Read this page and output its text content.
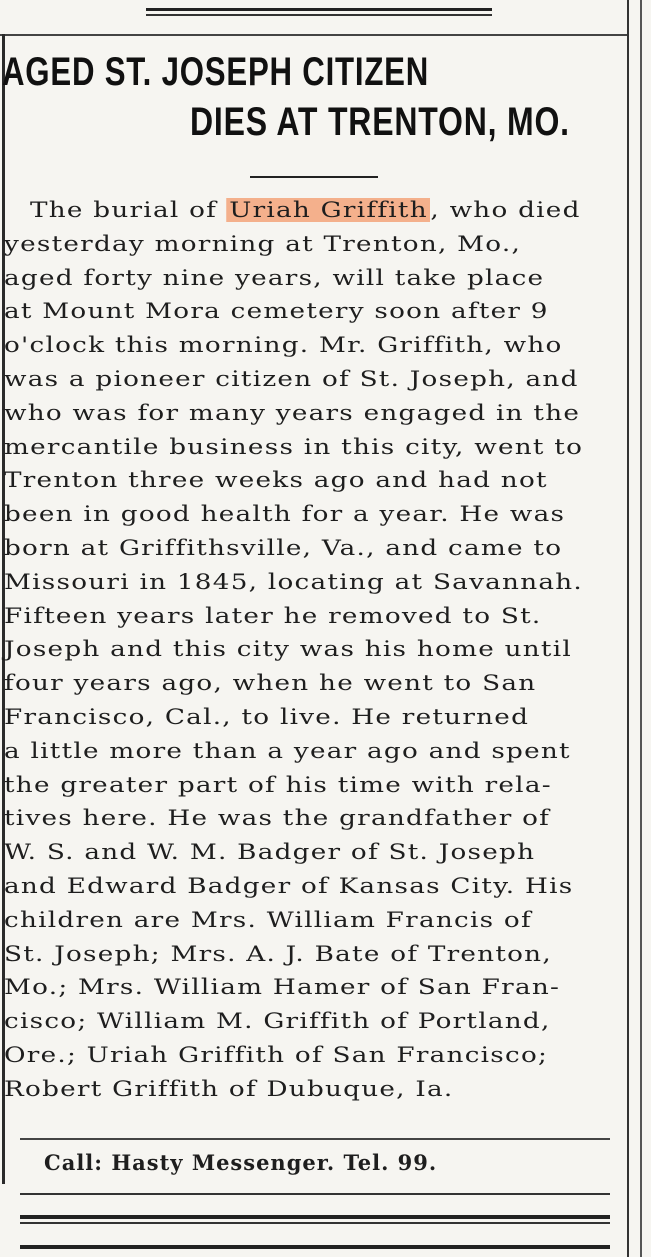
AGED ST. JOSEPH CITIZEN
DIES AT TRENTON, MO.
The burial of Uriah Griffith , who died
yesterday morning at Trenton, Mo.,
aged forty nine years, will take place
at Mount Mora cemetery soon after 9
o'clock this morning. Mr. Griffith, who
was a pioneer citizen of St. Joseph, and
who was for many years engaged in the
mercantile business in this city, went to
Trenton three weeks ago and had not
been in good health for a year. He was
born at Griffithsville, Va., and came to
Missouri in 1845, locating at Savannah.
Fifteen years later he removed to St.
Joseph and this city was his home until
four years ago, when he went to San
Francisco, Cal., to live. He returned
a little more than a year ago and spent
the greater part of his time with rela-
tives here. He was the grandfather of
W. S. and W. M. Badger of St. Joseph
and Edward Badger of Kansas City. His
children are Mrs. William Francis of
St. Joseph; Mrs. A. J. Bate of Trenton,
Mo.; Mrs. William Hamer of San Fran-
cisco; William M. Griffith of Portland,
Ore.; Uriah Griffith of San Francisco;
Robert Griffith of Dubuque, Ia.
Call: Hasty Messenger. Tel. 99.
